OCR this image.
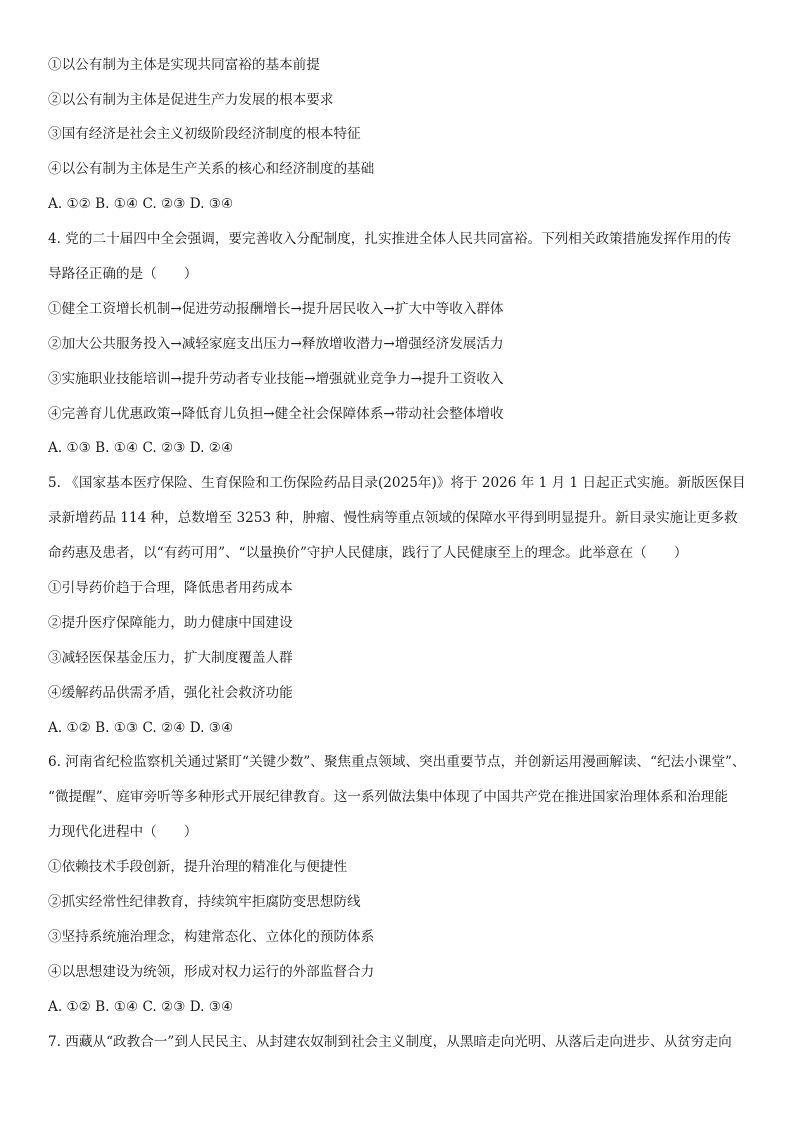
①以公有制为主体是实现共同富裕的基本前提
②以公有制为主体是促进生产力发展的根本要求
③国有经济是社会主义初级阶段经济制度的根本特征
④以公有制为主体是生产关系的核心和经济制度的基础
A. ①② B. ①④ C. ②③ D. ③④
4. 党的二十届四中全会强调，要完善收入分配制度，扎实推进全体人民共同富裕。下列相关政策措施发挥作用的传
导路径正确的是（　　）
①健全工资增长机制→促进劳动报酬增长→提升居民收入→扩大中等收入群体
②加大公共服务投入→减轻家庭支出压力→释放增收潜力→增强经济发展活力
③实施职业技能培训→提升劳动者专业技能→增强就业竞争力→提升工资收入
④完善育儿优惠政策→降低育儿负担→健全社会保障体系→带动社会整体增收
A. ①③ B. ①④ C. ②③ D. ②④
5. 《国家基本医疗保险、生育保险和工伤保险药品目录(2025年)》将于 2026 年 1 月 1 日起正式实施。新版医保目
录新增药品 114 种，总数增至 3253 种，肿瘤、慢性病等重点领域的保障水平得到明显提升。新目录实施让更多救
命药惠及患者，以“有药可用”、“以量换价”守护人民健康，践行了人民健康至上的理念。此举意在（　　）
①引导药价趋于合理，降低患者用药成本
②提升医疗保障能力，助力健康中国建设
③减轻医保基金压力，扩大制度覆盖人群
④缓解药品供需矛盾，强化社会救济功能
A. ①② B. ①③ C. ②④ D. ③④
6. 河南省纪检监察机关通过紧盯“关键少数”、聚焦重点领域、突出重要节点，并创新运用漫画解读、“纪法小课堂”、
“微提醒”、庭审旁听等多种形式开展纪律教育。这一系列做法集中体现了中国共产党在推进国家治理体系和治理能
力现代化进程中（　　）
①依赖技术手段创新，提升治理的精准化与便捷性
②抓实经常性纪律教育，持续筑牢拒腐防变思想防线
③坚持系统施治理念，构建常态化、立体化的预防体系
④以思想建设为统领，形成对权力运行的外部监督合力
A. ①② B. ①④ C. ②③ D. ③④
7. 西藏从“政教合一”到人民民主、从封建农奴制到社会主义制度，从黑暗走向光明、从落后走向进步、从贫穷走向
